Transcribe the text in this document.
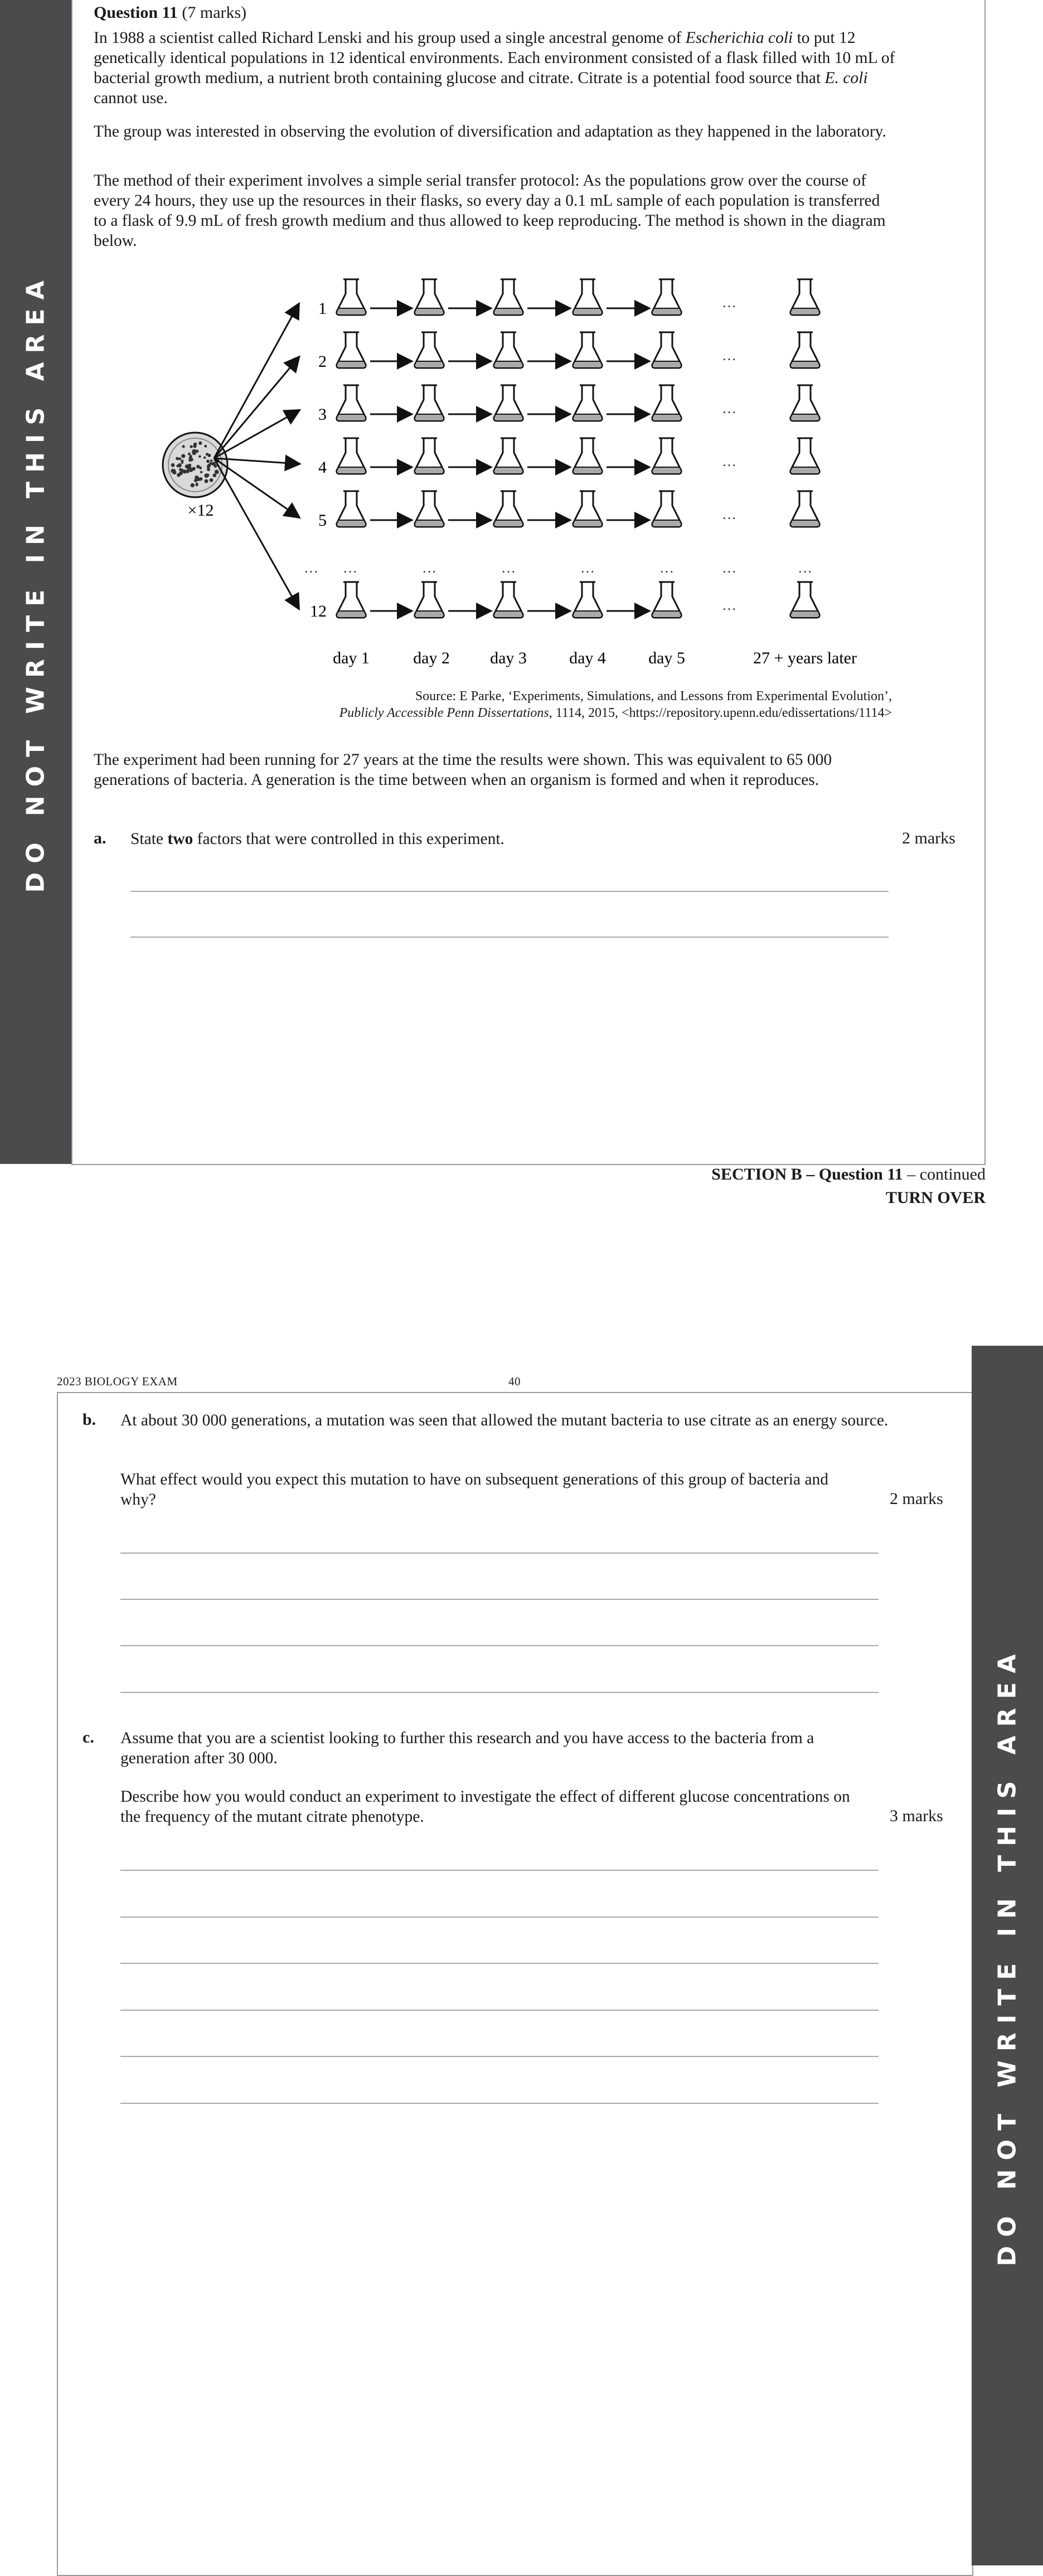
DO NOT WRITE IN THIS AREA
Question 11 (7 marks)
In 1988 a scientist called Richard Lenski and his group used a single ancestral genome of Escherichia coli to put 12 genetically identical populations in 12 identical environments. Each environment consisted of a flask filled with 10 mL of bacterial growth medium, a nutrient broth containing glucose and citrate. Citrate is a potential food source that E. coli cannot use.
The group was interested in observing the evolution of diversification and adaptation as they happened in the laboratory.
The method of their experiment involves a simple serial transfer protocol: As the populations grow over the course of every 24 hours, they use up the resources in their flasks, so every day a 0.1 mL sample of each population is transferred to a flask of 9.9 mL of fresh growth medium and thus allowed to keep reproducing. The method is shown in the diagram below.
×12
1	…
2	…
3	…
4	…
5	…
12	…
… …	…	…	…	…	…	…
day 1	day 2 day 3	day 4	day 5	27 + years later
Source: E Parke, ‘Experiments, Simulations, and Lessons from Experimental Evolution’,
Publicly Accessible Penn Dissertations, 1114, 2015, <https://repository.upenn.edu/edissertations/1114>
The experiment had been running for 27 years at the time the results were shown. This was equivalent to 65 000 generations of bacteria. A generation is the time between when an organism is formed and when it reproduces.
a. State two factors that were controlled in this experiment.	2 marks
SECTION B – Question 11 – continued
TURN OVER
2023 BIOLOGY EXAM	40
DO NOT WRITE IN THIS AREA
b. At about 30 000 generations, a mutation was seen that allowed the mutant bacteria to use citrate as an energy source.
What effect would you expect this mutation to have on subsequent generations of this group of bacteria and why?	2 marks
c. Assume that you are a scientist looking to further this research and you have access to the bacteria from a generation after 30 000.
Describe how you would conduct an experiment to investigate the effect of different glucose concentrations on the frequency of the mutant citrate phenotype.	3 marks
